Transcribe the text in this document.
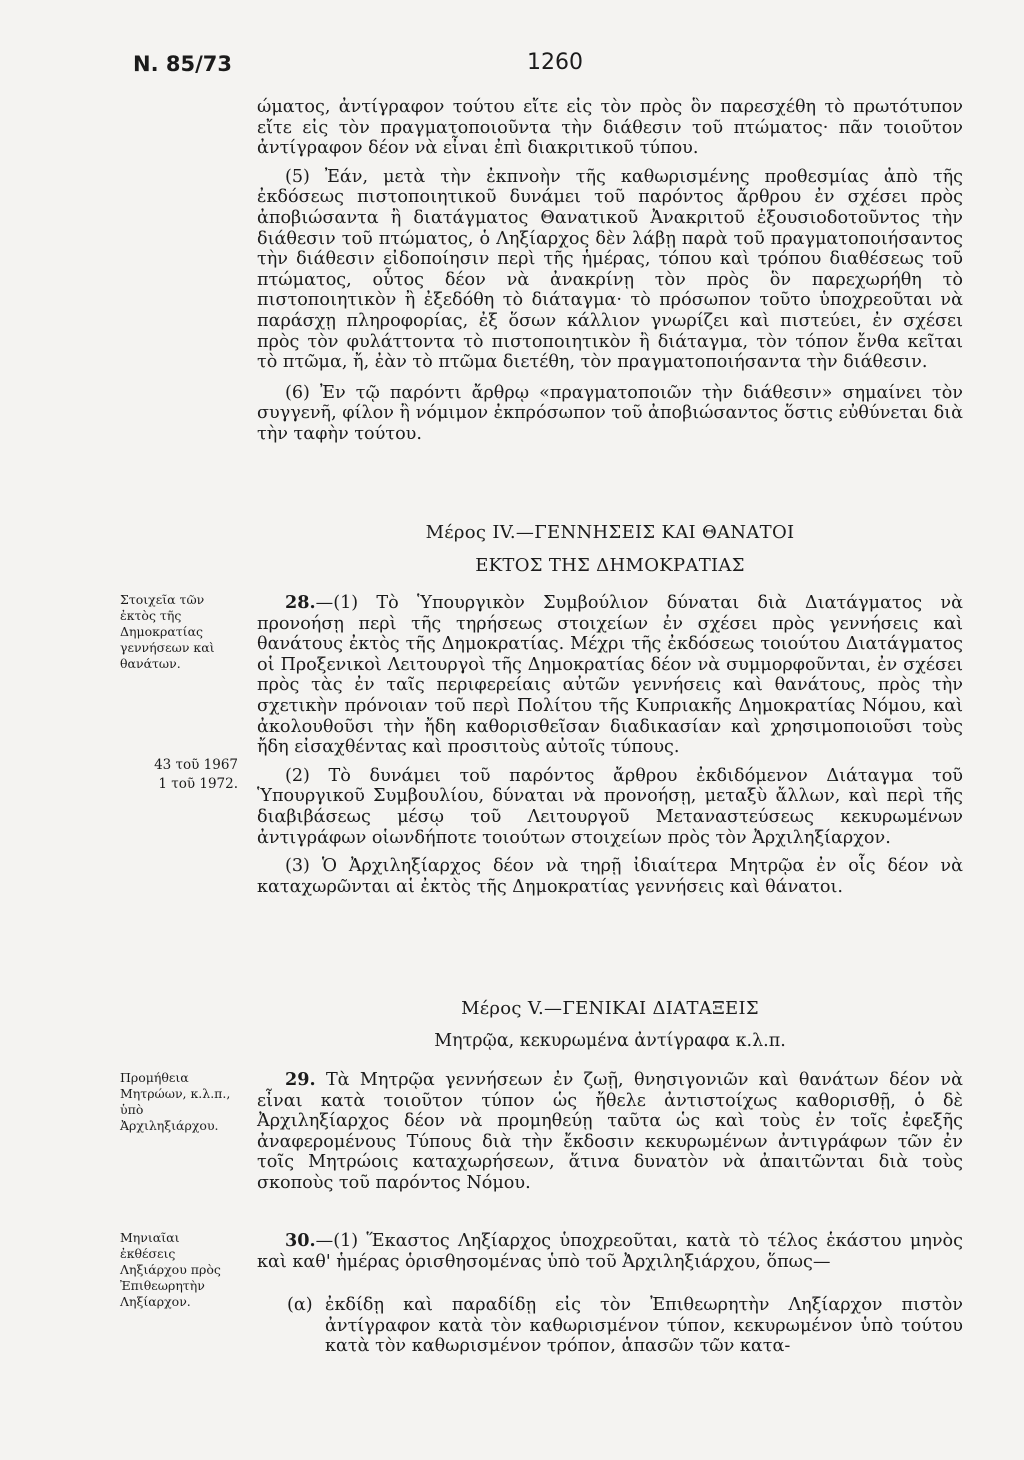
Ν. 85/73	1260

ώματος, ἀντίγραφον τούτου εἴτε εἰς τὸν πρὸς ὃν παρεσχέθη τὸ πρωτότυπον εἴτε εἰς τὸν πραγματοποιοῦντα τὴν διάθεσιν τοῦ πτώματος· πᾶν τοιοῦτον ἀντίγραφον δέον νὰ εἶναι ἐπὶ διακριτικοῦ τύπου.

(5) Ἐάν, μετὰ τὴν ἐκπνοὴν τῆς καθωρισμένης προθεσμίας ἀπὸ τῆς ἐκδόσεως πιστοποιητικοῦ δυνάμει τοῦ παρόντος ἄρθρου ἐν σχέσει πρὸς ἀποβιώσαντα ἢ διατάγματος Θανατικοῦ Ἀνακριτοῦ ἐξουσιοδοτοῦντος τὴν διάθεσιν τοῦ πτώματος, ὁ Ληξίαρχος δὲν λάβῃ παρὰ τοῦ πραγματοποιήσαντος τὴν διάθεσιν εἰδοποίησιν περὶ τῆς ἡμέρας, τόπου καὶ τρόπου διαθέσεως τοῦ πτώματος, οὗτος δέον νὰ ἀνακρίνῃ τὸν πρὸς ὃν παρεχωρήθη τὸ πιστοποιητικὸν ἢ ἐξεδόθη τὸ διάταγμα· τὸ πρόσωπον τοῦτο ὑποχρεοῦται νὰ παράσχῃ πληροφορίας, ἐξ ὅσων κάλλιον γνωρίζει καὶ πιστεύει, ἐν σχέσει πρὸς τὸν φυλάττοντα τὸ πιστοποιητικὸν ἢ διάταγμα, τὸν τόπον ἔνθα κεῖται τὸ πτῶμα, ἤ, ἐὰν τὸ πτῶμα διετέθη, τὸν πραγματοποιήσαντα τὴν διάθεσιν.

(6) Ἐν τῷ παρόντι ἄρθρῳ «πραγματοποιῶν τὴν διάθεσιν» σημαίνει τὸν συγγενῆ, φίλον ἢ νόμιμον ἐκπρόσωπον τοῦ ἀποβιώσαντος ὅστις εὐθύνεται διὰ τὴν ταφὴν τούτου.

Μέρος IV.—ΓΕΝΝΗΣΕΙΣ ΚΑΙ ΘΑΝΑΤΟΙ
ΕΚΤΟΣ ΤΗΣ ΔΗΜΟΚΡΑΤΙΑΣ
Στοιχεῖα τῶν ἐκτὸς τῆς Δημοκρατίας γεννήσεων καὶ θανάτων.
43 τοῦ 1967
1 τοῦ 1972.

28.—(1) Τὸ Ὑπουργικὸν Συμβούλιον δύναται διὰ Διατάγματος νὰ προνοήσῃ περὶ τῆς τηρήσεως στοιχείων ἐν σχέσει πρὸς γεννήσεις καὶ θανάτους ἐκτὸς τῆς Δημοκρατίας. Μέχρι τῆς ἐκδόσεως τοιούτου Διατάγματος οἱ Προξενικοὶ Λειτουργοὶ τῆς Δημοκρατίας δέον νὰ συμμορφοῦνται, ἐν σχέσει πρὸς τὰς ἐν ταῖς περιφερείαις αὐτῶν γεννήσεις καὶ θανάτους, πρὸς τὴν σχετικὴν πρόνοιαν τοῦ περὶ Πολίτου τῆς Κυπριακῆς Δημοκρατίας Νόμου, καὶ ἀκολουθοῦσι τὴν ἤδη καθορισθεῖσαν διαδικασίαν καὶ χρησιμοποιοῦσι τοὺς ἤδη εἰσαχθέντας καὶ προσιτοὺς αὐτοῖς τύπους.

(2) Τὸ δυνάμει τοῦ παρόντος ἄρθρου ἐκδιδόμενον Διάταγμα τοῦ Ὑπουργικοῦ Συμβουλίου, δύναται νὰ προνοήσῃ, μεταξὺ ἄλλων, καὶ περὶ τῆς διαβιβάσεως μέσῳ τοῦ Λειτουργοῦ Μεταναστεύσεως κεκυρωμένων ἀντιγράφων οἱωνδήποτε τοιούτων στοιχείων πρὸς τὸν Ἀρχιληξίαρχον.

(3) Ὁ Ἀρχιληξίαρχος δέον νὰ τηρῇ ἰδιαίτερα Μητρῷα ἐν οἷς δέον νὰ καταχωρῶνται αἱ ἐκτὸς τῆς Δημοκρατίας γεννήσεις καὶ θάνατοι.

Μέρος V.—ΓΕΝΙΚΑΙ ΔΙΑΤΑΞΕΙΣ
Μητρῷα, κεκυρωμένα ἀντίγραφα κ.λ.π.
Προμήθεια Μητρώων, κ.λ.π., ὑπὸ Ἀρχιληξιάρχου.

29. Τὰ Μητρῷα γεννήσεων ἐν ζωῇ, θνησιγονιῶν καὶ θανάτων δέον νὰ εἶναι κατὰ τοιοῦτον τύπον ὡς ἤθελε ἀντιστοίχως καθορισθῇ, ὁ δὲ Ἀρχιληξίαρχος δέον νὰ προμηθεύῃ ταῦτα ὡς καὶ τοὺς ἐν τοῖς ἐφεξῆς ἀναφερομένους Τύπους διὰ τὴν ἔκδοσιν κεκυρωμένων ἀντιγράφων τῶν ἐν τοῖς Μητρώοις καταχωρήσεων, ἅτινα δυνατὸν νὰ ἀπαιτῶνται διὰ τοὺς σκοποὺς τοῦ παρόντος Νόμου.

Μηνιαῖαι ἐκθέσεις Ληξιάρχου πρὸς Ἐπιθεωρητὴν Ληξίαρχον.

30.—(1) Ἕκαστος Ληξίαρχος ὑποχρεοῦται, κατὰ τὸ τέλος ἑκάστου μηνὸς καὶ καθ' ἡμέρας ὁρισθησομένας ὑπὸ τοῦ Ἀρχιληξιάρχου, ὅπως—

(α) ἐκδίδῃ καὶ παραδίδῃ εἰς τὸν Ἐπιθεωρητὴν Ληξίαρχον πιστὸν ἀντίγραφον κατὰ τὸν καθωρισμένον τύπον, κεκυρωμένον ὑπὸ τούτου κατὰ τὸν καθωρισμένον τρόπον, ἁπασῶν τῶν κατα-
